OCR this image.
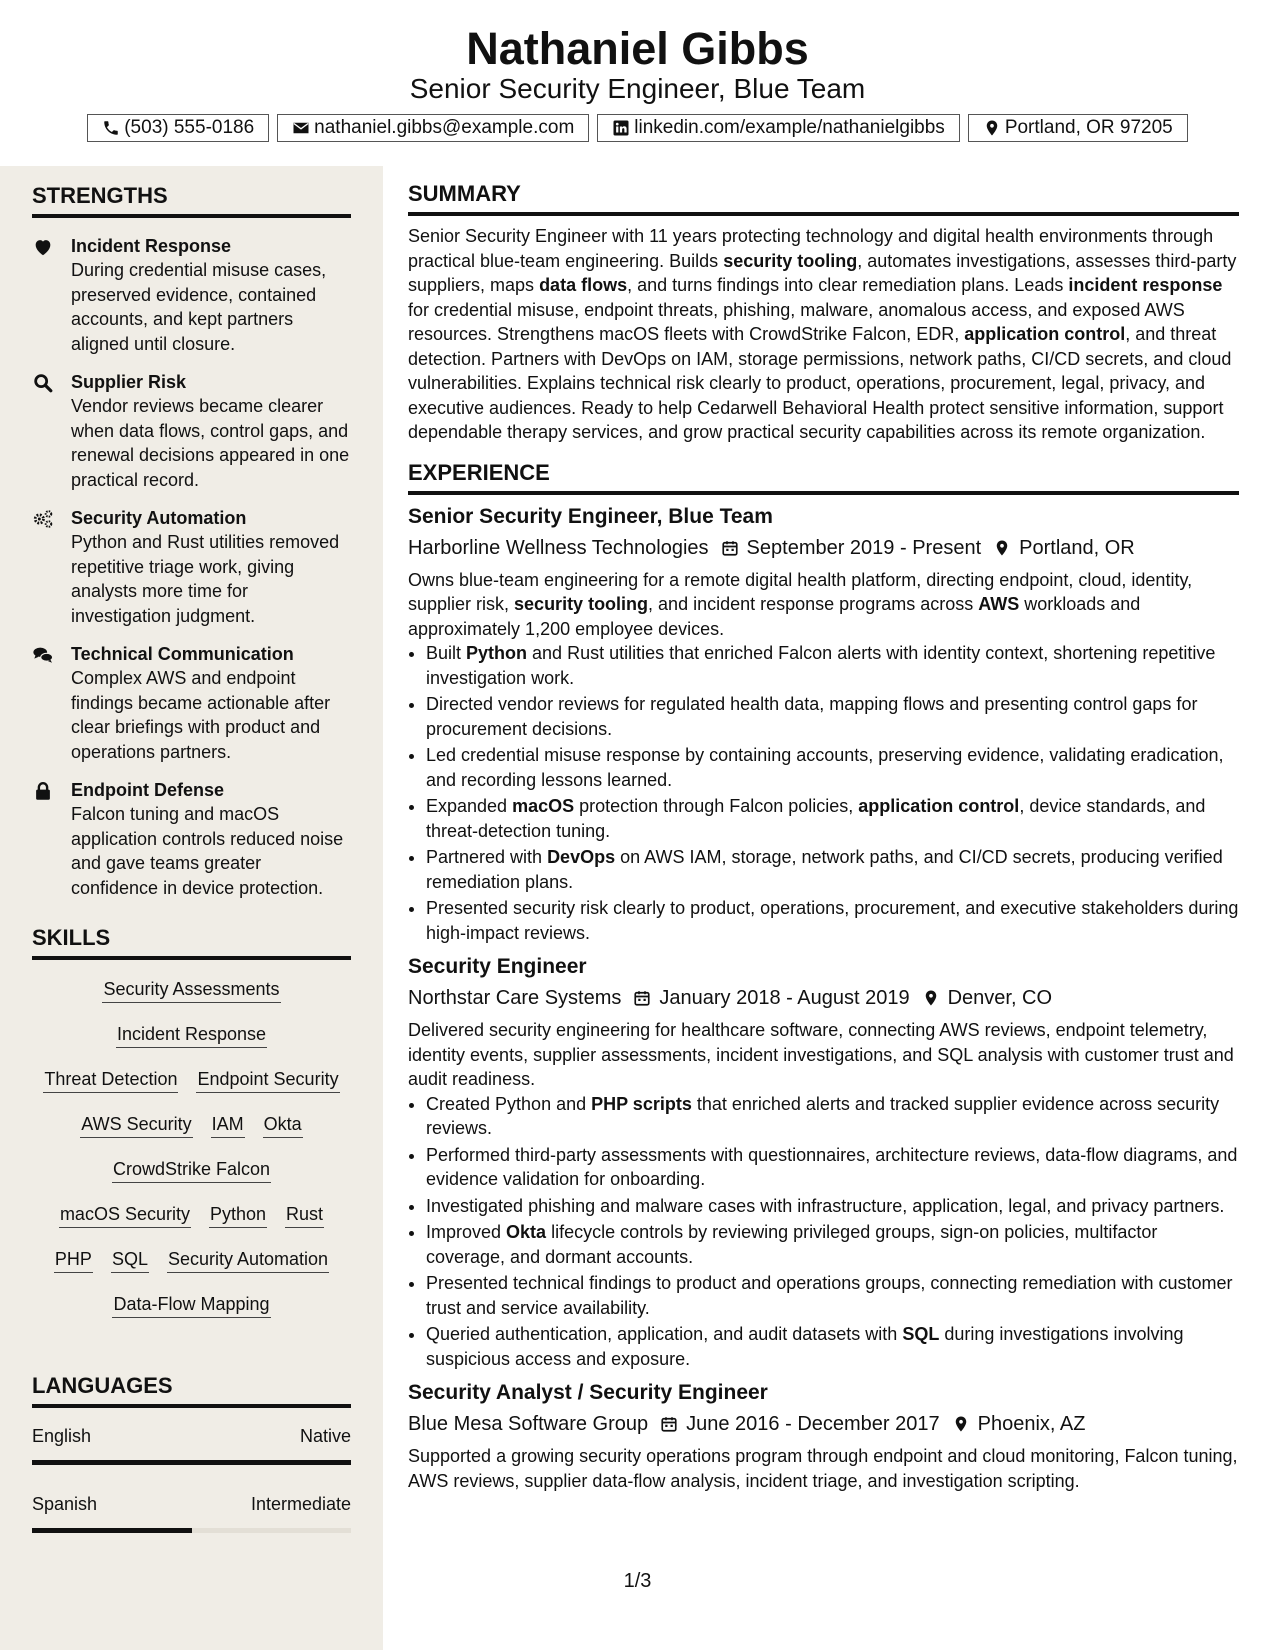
Nathaniel Gibbs
Senior Security Engineer, Blue Team
(503) 555-0186	nathaniel.gibbs@example.com	linkedin.com/example/nathanielgibbs	Portland, OR 97205
STRENGTHS
Incident Response
During credential misuse cases, preserved evidence, contained accounts, and kept partners aligned until closure.
Supplier Risk
Vendor reviews became clearer when data flows, control gaps, and renewal decisions appeared in one practical record.
Security Automation
Python and Rust utilities removed repetitive triage work, giving analysts more time for investigation judgment.
Technical Communication
Complex AWS and endpoint findings became actionable after clear briefings with product and operations partners.
Endpoint Defense
Falcon tuning and macOS application controls reduced noise and gave teams greater confidence in device protection.
SKILLS
Security Assessments
Incident Response
Threat Detection Endpoint Security
AWS Security IAM Okta
CrowdStrike Falcon
macOS Security Python Rust
PHP SQL Security Automation
Data-Flow Mapping
LANGUAGES
English	Native
Spanish	Intermediate
SUMMARY

Senior Security Engineer with 11 years protecting technology and digital health environments through practical blue-team engineering. Builds security tooling, automates investigations, assesses third-party suppliers, maps data flows, and turns findings into clear remediation plans. Leads incident response for credential misuse, endpoint threats, phishing, malware, anomalous access, and exposed AWS resources. Strengthens macOS fleets with CrowdStrike Falcon, EDR, application control, and threat detection. Partners with DevOps on IAM, storage permissions, network paths, CI/CD secrets, and cloud vulnerabilities. Explains technical risk clearly to product, operations, procurement, legal, privacy, and executive audiences. Ready to help Cedarwell Behavioral Health protect sensitive information, support dependable therapy services, and grow practical security capabilities across its remote organization.

EXPERIENCE
Senior Security Engineer, Blue Team
Harborline Wellness Technologies September 2019 - Present Portland, OR

Owns blue-team engineering for a remote digital health platform, directing endpoint, cloud, identity, supplier risk, security tooling, and incident response programs across AWS workloads and approximately 1,200 employee devices.

• Built Python and Rust utilities that enriched Falcon alerts with identity context, shortening repetitive investigation work.
• Directed vendor reviews for regulated health data, mapping flows and presenting control gaps for procurement decisions.
• Led credential misuse response by containing accounts, preserving evidence, validating eradication, and recording lessons learned.
• Expanded macOS protection through Falcon policies, application control, device standards, and threat-detection tuning.
• Partnered with DevOps on AWS IAM, storage, network paths, and CI/CD secrets, producing verified remediation plans.
• Presented security risk clearly to product, operations, procurement, and executive stakeholders during high-impact reviews.
Security Engineer
Northstar Care Systems January 2018 - August 2019 Denver, CO

Delivered security engineering for healthcare software, connecting AWS reviews, endpoint telemetry, identity events, supplier assessments, incident investigations, and SQL analysis with customer trust and audit readiness.

• Created Python and PHP scripts that enriched alerts and tracked supplier evidence across security reviews.
• Performed third-party assessments with questionnaires, architecture reviews, data-flow diagrams, and evidence validation for onboarding.
• Investigated phishing and malware cases with infrastructure, application, legal, and privacy partners.
• Improved Okta lifecycle controls by reviewing privileged groups, sign-on policies, multifactor coverage, and dormant accounts.
• Presented technical findings to product and operations groups, connecting remediation with customer trust and service availability.
• Queried authentication, application, and audit datasets with SQL during investigations involving suspicious access and exposure.
Security Analyst / Security Engineer
Blue Mesa Software Group June 2016 - December 2017 Phoenix, AZ

Supported a growing security operations program through endpoint and cloud monitoring, Falcon tuning, AWS reviews, supplier data-flow analysis, incident triage, and investigation scripting.

1/3
